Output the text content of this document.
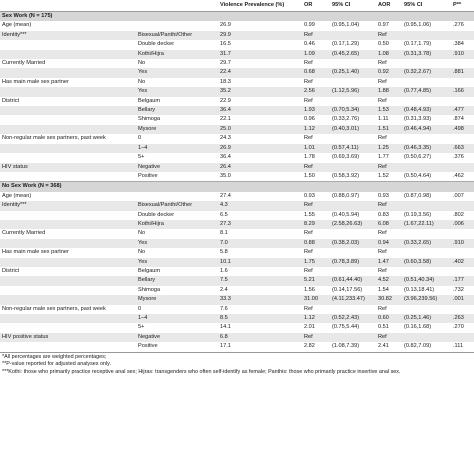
		Violence Prevalence (%)	OR	95% CI	AOR	95% CI	P**
Sex Work (N = 175)							
Age (mean)		26.9	0.99	(0.95,1.04)	0.97	(0.95,1.06)	.276
Identity***	Bisexual/Panthi/Other	29.9	Ref		Ref		
	Double decker	16.5	0.46	(0.17,1.29)	0.50	(0.17,1.79)	.384
	Kothi/Hijra	31.7	1.09	(0.45,2.65)	1.08	(0.31,3.78)	.910
Currently Married	No	29.7	Ref		Ref		
	Yes	22.4	0.68	(0.25,1.40)	0.92	(0.32,2.67)	.881
Has main male sex partner	No	18.3	Ref		Ref		
	Yes	35.2	2.56	(1.12,5.96)	1.88	(0.77,4.85)	.166
District	Belgaum	22.9	Ref		Ref		
	Bellary	36.4	1.93	(0.70,5.34)	1.53	(0.48,4.93)	.477
	Shimoga	22.1	0.96	(0.33,2.76)	1.11	(0.31,3.93)	.874
	Mysore	25.0	1.12	(0.40,3.01)	1.51	(0.46,4.94)	.498
Non-regular male sex partners, past week	0	24.3	Ref		Ref		
	1–4	26.9	1.01	(0.57,4.11)	1.25	(0.46,3.35)	.663
	5+	36.4	1.78	(0.69,3.69)	1.77	(0.50,6.27)	.376
HIV status	Negative	26.4	Ref		Ref		
	Positive	35.0	1.50	(0.58,3.92)	1.52	(0.50,4.64)	.462
No Sex Work (N = 368)							
Age (mean)		27.4	0.93	(0.88,0.97)	0.93	(0.87,0.98)	.007
Identity***	Bisexual/Panthi/Other	4.3	Ref		Ref		
	Double decker	6.5	1.55	(0.40,5.94)	0.83	(0.19,3.56)	.802
	Kothi/Hijra	27.3	8.29	(2.58,26.63)	6.08	(1.67,22.11)	.006
Currently Married	No	8.1	Ref		Ref		
	Yes	7.0	0.88	(0.38,2.03)	0.94	(0.33,2.65)	.910
Has main male sex partner	No	5.8	Ref		Ref		
	Yes	10.1	1.75	(0.78,3.89)	1.47	(0.60,3.58)	.402
District	Belgaum	1.6	Ref		Ref		
	Bellary	7.5	5.21	(0.61,44.40)	4.52	(0.51,40.34)	.177
	Shimoga	2.4	1.56	(0.14,17.56)	1.54	(0.13,18.41)	.732
	Mysore	33.3	31.00	(4.11,233.47)	30.82	(3.96,239.56)	.001
Non-regular male sex partners, past week	0	7.6	Ref		Ref		
	1–4	8.5	1.12	(0.52,2.43)	0.60	(0.25,1.46)	.263
	5+	14.1	2.01	(0.75,5.44)	0.51	(0.16,1.68)	.270
HIV positive status	Negative	6.8	Ref		Ref		
	Positive	17.1	2.82	(1.08,7.39)	2.41	(0.82,7.09)	.111
*All percentages are weighted percentages;
**P-value reported for adjusted analyses only.
***Kothi: those who primarily practice receptive anal sex; Hijras: transgenders who often self-identify as female; Panthis: those who primarily practice insertive anal sex.
